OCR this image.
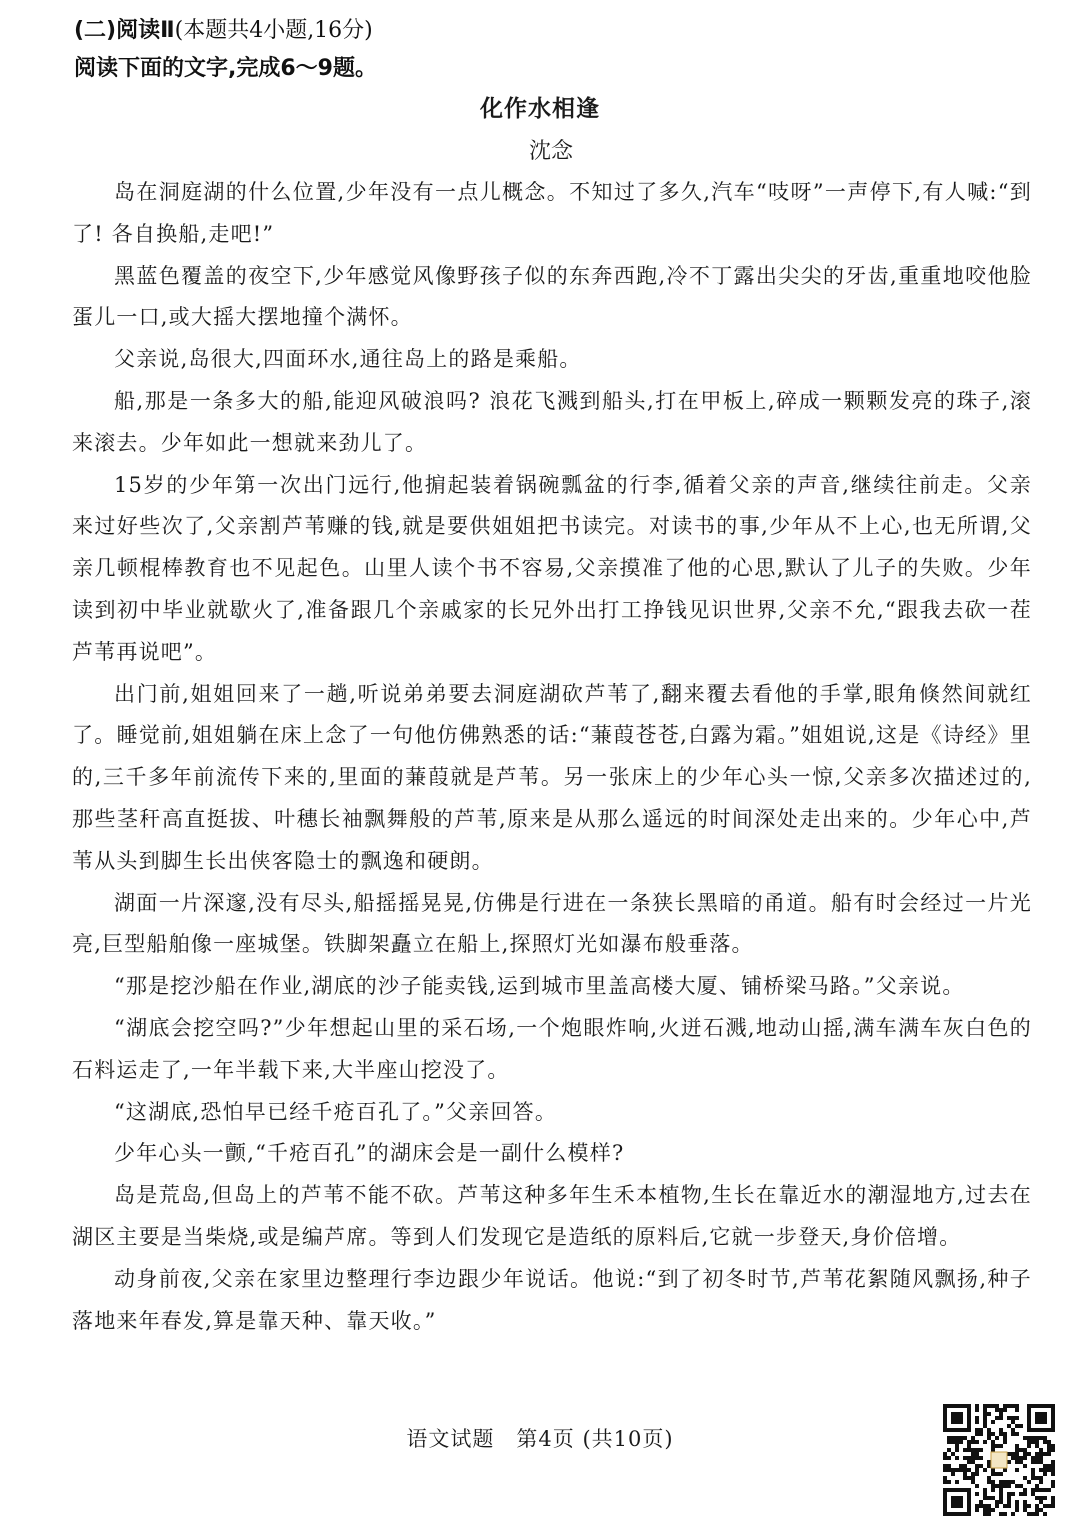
(二)阅读Ⅱ(本题共4小题,16分)
阅读下面的文字,完成6～9题。
化作水相逢
沈念

岛在洞庭湖的什么位置,少年没有一点儿概念。不知过了多久,汽车“吱呀”一声停下,有人喊:“到了! 各自换船,走吧!”

黑蓝色覆盖的夜空下,少年感觉风像野孩子似的东奔西跑,冷不丁露出尖尖的牙齿,重重地咬他脸蛋儿一口,或大摇大摆地撞个满怀。

父亲说,岛很大,四面环水,通往岛上的路是乘船。

船,那是一条多大的船,能迎风破浪吗? 浪花飞溅到船头,打在甲板上,碎成一颗颗发亮的珠子,滚来滚去。少年如此一想就来劲儿了。

15岁的少年第一次出门远行,他掮起装着锅碗瓢盆的行李,循着父亲的声音,继续往前走。父亲来过好些次了,父亲割芦苇赚的钱,就是要供姐姐把书读完。对读书的事,少年从不上心,也无所谓,父亲几顿棍棒教育也不见起色。山里人读个书不容易,父亲摸准了他的心思,默认了儿子的失败。少年读到初中毕业就歇火了,准备跟几个亲戚家的长兄外出打工挣钱见识世界,父亲不允,“跟我去砍一茬芦苇再说吧”。

出门前,姐姐回来了一趟,听说弟弟要去洞庭湖砍芦苇了,翻来覆去看他的手掌,眼角倏然间就红了。睡觉前,姐姐躺在床上念了一句他仿佛熟悉的话:“蒹葭苍苍,白露为霜。”姐姐说,这是《诗经》里的,三千多年前流传下来的,里面的蒹葭就是芦苇。另一张床上的少年心头一惊,父亲多次描述过的,那些茎秆高直挺拔、叶穗长袖飘舞般的芦苇,原来是从那么遥远的时间深处走出来的。少年心中,芦苇从头到脚生长出侠客隐士的飘逸和硬朗。

湖面一片深邃,没有尽头,船摇摇晃晃,仿佛是行进在一条狭长黑暗的甬道。船有时会经过一片光亮,巨型船舶像一座城堡。铁脚架矗立在船上,探照灯光如瀑布般垂落。

“那是挖沙船在作业,湖底的沙子能卖钱,运到城市里盖高楼大厦、铺桥梁马路。”父亲说。

“湖底会挖空吗?”少年想起山里的采石场,一个炮眼炸响,火迸石溅,地动山摇,满车满车灰白色的石料运走了,一年半载下来,大半座山挖没了。

“这湖底,恐怕早已经千疮百孔了。”父亲回答。

少年心头一颤,“千疮百孔”的湖床会是一副什么模样?

岛是荒岛,但岛上的芦苇不能不砍。芦苇这种多年生禾本植物,生长在靠近水的潮湿地方,过去在湖区主要是当柴烧,或是编芦席。等到人们发现它是造纸的原料后,它就一步登天,身价倍增。

动身前夜,父亲在家里边整理行李边跟少年说话。他说:“到了初冬时节,芦苇花絮随风飘扬,种子落地来年春发,算是靠天种、靠天收。”

语文试题　第4页 (共10页)
